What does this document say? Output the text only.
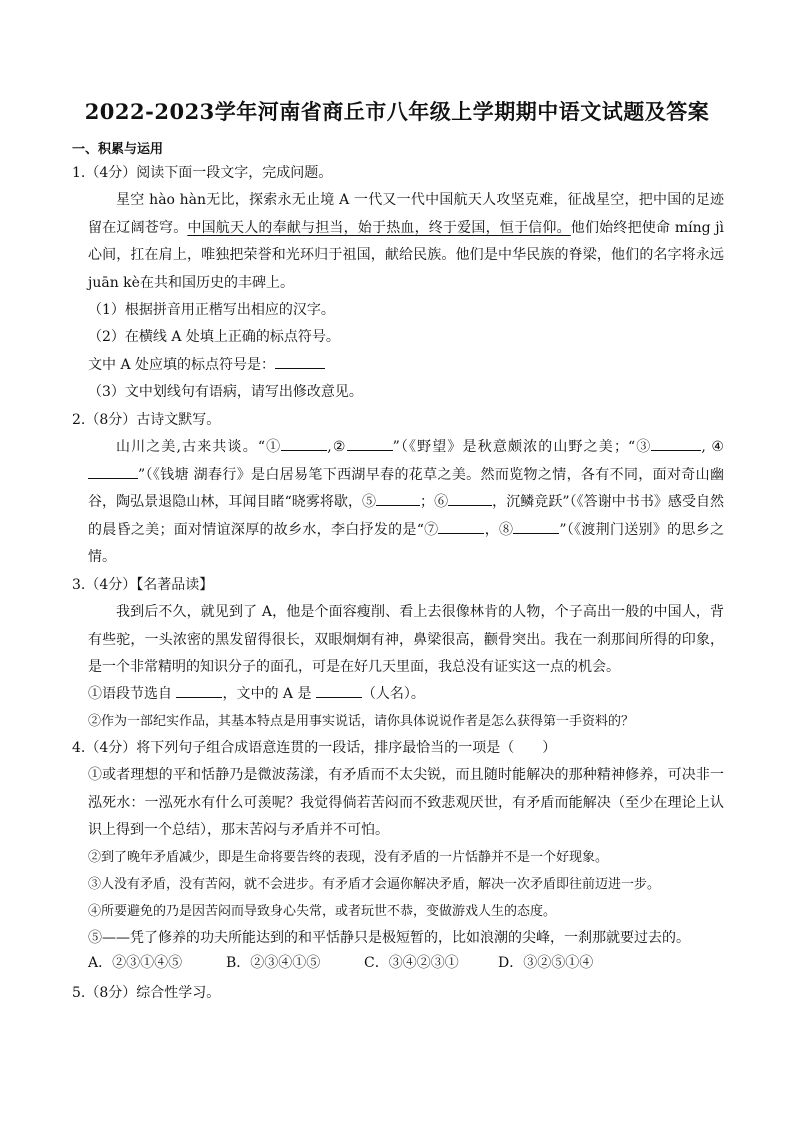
2022-2023学年河南省商丘市八年级上学期期中语文试题及答案
一、积累与运用
1.（4分）阅读下面一段文字，完成问题。
星空 hào hàn无比，探索永无止境 A 一代又一代中国航天人攻坚克难，征战星空，把中国的足迹留在辽阔苍穹。中国航天人的奉献与担当，始于热血，终于爱国，恒于信仰。他们始终把使命 míng jì心间，扛在肩上，唯独把荣誉和光环归于祖国，献给民族。他们是中华民族的脊梁，他们的名字将永远 juān kè在共和国历史的丰碑上。
（1）根据拼音用正楷写出相应的汉字。
（2）在横线 A 处填上正确的标点符号。
文中 A 处应填的标点符号是：
（3）文中划线句有语病，请写出修改意见。
2.（8分）古诗文默写。
山川之美,古来共谈。“①	,②	”（《野望》是秋意颇浓的山野之美；“③	, ④”（《钱塘 湖春行》是白居易笔下西湖早春的花草之美。然而览物之情，各有不同，面对奇山幽谷，陶弘景退隐山林，耳闻目睹“晓雾将歇，⑤	；⑥	，沉鳞竞跃”（《答谢中书书》感受自然的晨昏之美；面对情谊深厚的故乡水，李白抒发的是“⑦	，⑧	”（《渡荆门送别》的思乡之情。
3.（4分）【名著品读】
我到后不久，就见到了 A，他是个面容瘦削、看上去很像林肯的人物，个子高出一般的中国人，背有些驼，一头浓密的黑发留得很长，双眼炯炯有神，鼻梁很高，颧骨突出。我在一刹那间所得的印象，是一个非常精明的知识分子的面孔，可是在好几天里面，我总没有证实这一点的机会。
①语段节选自	，文中的 A 是	（人名）。
②作为一部纪实作品，其基本特点是用事实说话，请你具体说说作者是怎么获得第一手资料的？
4.（4分）将下列句子组合成语意连贯的一段话，排序最恰当的一项是（　　）
①或者理想的平和恬静乃是微波荡漾，有矛盾而不太尖锐，而且随时能解决的那种精神修养，可决非一泓死水：一泓死水有什么可羡呢？我觉得倘若苦闷而不致悲观厌世，有矛盾而能解决（至少在理论上认识上得到一个总结），那末苦闷与矛盾并不可怕。
②到了晚年矛盾减少，即是生命将要告终的表现，没有矛盾的一片恬静并不是一个好现象。
③人没有矛盾，没有苦闷，就不会进步。有矛盾才会逼你解决矛盾，解决一次矛盾即往前迈进一步。
④所要避免的乃是因苦闷而导致身心失常，或者玩世不恭，变做游戏人生的态度。
⑤——凭了修养的功夫所能达到的和平恬静只是极短暂的，比如浪潮的尖峰，一刹那就要过去的。
A．②③①④⑤	B．②③④①⑤	C．③④②③①	D．③②⑤①④
5.（8分）综合性学习。
